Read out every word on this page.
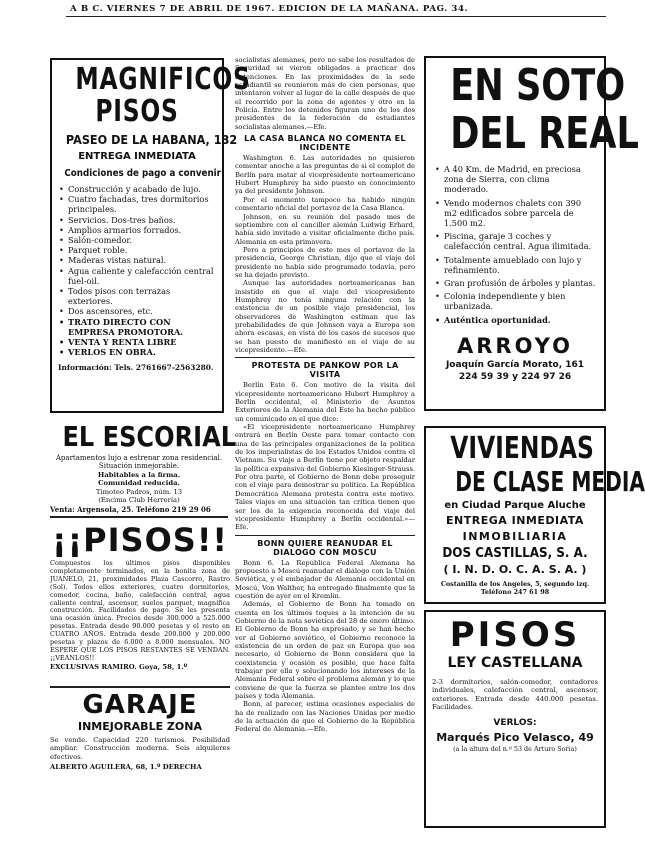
A B C. VIERNES 7 DE ABRIL DE 1967. EDICION DE LA MAÑANA. PAG. 34.
MAGNIFICOS
PISOS
PASEO DE LA HABANA, 132
ENTREGA INMEDIATA
Condiciones de pago a convenir
• Construcción y acabado de lujo.
• Cuatro fachadas, tres dormitorios principales.
• Servicios. Dos-tres baños.
• Amplios armarios forrados.
• Salón-comedor.
• Parquet roble.
• Maderas vistas natural.
• Agua caliente y calefacción central fuel-oil.
• Todos pisos con terrazas exteriores.
• Dos ascensores, etc.
• TRATO DIRECTO CON EMPRESA PROMOTORA.
• VENTA Y RENTA LIBRE
• VERLOS EN OBRA.
Información: Tels. 2761667-2563280.
EL ESCORIAL
Apartamentos lujo a estrenar zona residencial. Situación inmejorable.
Habitables a la firma.
Comunidad reducida.
Timoteo Padros, núm. 13
(Encima Club Herrería)
Venta: Argensola, 25. Teléfono 219 29 06
¡¡PISOS!!
Compuestos los últimos pisos disponibles completamente terminados, en la bonita zona de JUANELO, 21, proximidades Plaza Cascorro, Rastro (Sol). Todos ellos exteriores, cuatro dormitorios, comedor, cocina, baño, calefacción central, agua caliente central, ascensor, suelos parquet, magnífica construcción. Facilidades de pago. Se les presenta una ocasión única. Precios desde 300.000 a 525.000 pesetas. Entrada desde 90.000 pesetas y el resto en CUATRO AÑOS. Entrada desde 200.000 y 200.000 pesetas y plazos de 6.000 a 8.000 mensuales. NO ESPERE QUE LOS PISOS RESTANTES SE VENDAN. ¡¡VEANLOS!!
EXCLUSIVAS RAMIRO. Goya, 58, 1.º
GARAJE
INMEJORABLE ZONA
Se vende. Capacidad 220 turismos. Posibilidad ampliar. Construcción moderna. Seis alquileres efectivos.
ALBERTO AGUILERA, 68, 1.º DERECHA

socialistas alemanes, pero no sabe los resultados de Seguridad se vieron obligados a practicar dos detenciones. En las proximidades de la sede estudiantil se reunieron más de cien personas, que intentaron volver al lugar de la calle después de que el recorrido por la zona de agentes y otro en la Policía. Entre los detenidos figuran uno de los dos presidentes de la federación de estudiantes socialistas alemanes.—Efe.

LA CASA BLANCA NO COMENTA EL INCIDENTE

Washington 6. Las autoridades no quisieron comentar anoche a las preguntas de si el complot de Berlín para matar al vicepresidente norteamericano Hubert Humphrey ha sido puesto en conocimiento ya del presidente Johnson.

Por el momento tampoco ha habido ningún comentario oficial del portavoz de la Casa Blanca.

Johnson, en su reunión del pasado mes de septiembre con el canciller alemán Ludwig Erhard, había sido invitado a visitar oficialmente dicho país. Alemania en esta primavera.

Pero a principios de este mes el portavoz de la presidencia, George Christian, dijo que el viaje del presidente no había sido programado todavía, pero se ha dejado previsto.

Aunque las autoridades norteamericanas han insistido en que el viaje del vicepresidente Humphrey no tenía ninguna relación con la existencia de un posible viaje presidencial, los observadores de Washington estiman que las probabilidades de que Johnson vaya a Europa son ahora escasas, en vista de los casos de sucesos que se han puesto de manifiesto en el viaje de su vicepresidente.—Efe.

PROTESTA DE PANKOW POR LA VISITA

Berlín Este 6. Con motivo de la visita del vicepresidente norteamericano Hubert Humphrey a Berlín occidental, el Ministerio de Asuntos Exteriores de la Alemania del Este ha hecho público un comunicado en el que dice:

«El vicepresidente norteamericano Humphrey entrará en Berlín Oeste para tomar contacto con una de las principales organizaciones de la política de los imperialistas de los Estados Unidos contra el Vietnam. Su viaje a Berlín tiene por objeto respaldar la política expansiva del Gobierno Kiesinger-Strauss. Por otra parte, el Gobierno de Bonn debe proseguir con el viaje para demostrar su política. La República Democrática Alemana protesta contra este motivo. Tales viajes en una situación tan crítica tienen que ser los de la exigencia reconocida del viaje del vicepresidente Humphrey a Berlín occidental.»—Efe.

BONN QUIERE REANUDAR EL DIALOGO CON MOSCU

Bonn 6. La República Federal Alemana ha propuesto a Moscú reanudar el diálogo con la Unión Soviética, y el embajador de Alemania occidental en Moscú, Von Walther, ha entregado finalmente que la cuestión de ayer en el Kremlin.

Además, el Gobierno de Bonn ha tomado en cuenta en los últimos toques a la intención de su Gobierno de la nota soviética del 28 de enero último. El Gobierno de Bonn ha expresado, y se han hecho ver al Gobierno soviético, el Gobierno reconoce la existencia de un orden de paz en Europa que sea necesario, el Gobierno de Bonn considera que la coexistencia y ocasión es posible, que hace falta trabajar por ella y solucionando los intereses de la Alemania Federal sobre el problema alemán y lo que conviene de que la fuerza se plantee entre los dos países y toda Alemania.

Bonn, al parecer, estima ocasiones especiales de ha de realizado con las Naciones Unidas por medio de la actuación de que el Gobierno de la República Federal de Alemania.—Efe.

EN SOTO
DEL REAL
• A 40 Km. de Madrid, en preciosa zona de Sierra, con clima moderado.
• Vendo modernos chalets con 390 m2 edificados sobre parcela de 1.500 m2.
• Piscina, garaje 3 coches y calefacción central. Agua ilimitada.
• Totalmente amueblado con lujo y refinamiento.
• Gran profusión de árboles y plantas.
• Colonia independiente y bien urbanizada.
• Auténtica oportunidad.
ARROYO
Joaquín García Morato, 161
224 59 39 y 224 97 26
VIVIENDAS
DE CLASE MEDIA
en Ciudad Parque Aluche
ENTREGA INMEDIATA
INMOBILIARIA
DOS CASTILLAS, S. A.
( I. N. D. O. C. A. S. A. )
Costanilla de los Angeles, 5, segundo izq. Teléfono 247 61 98
PISOS
LEY CASTELLANA
2-3 dormitorios, salón-comedor, contadores individuales, calefacción central, ascensor, exteriores. Entrada desde 440.000 pesetas. Facilidades.
VERLOS:
Marqués Pico Velasco, 49
(a la altura del n.º 53 de Arturo Soria)
